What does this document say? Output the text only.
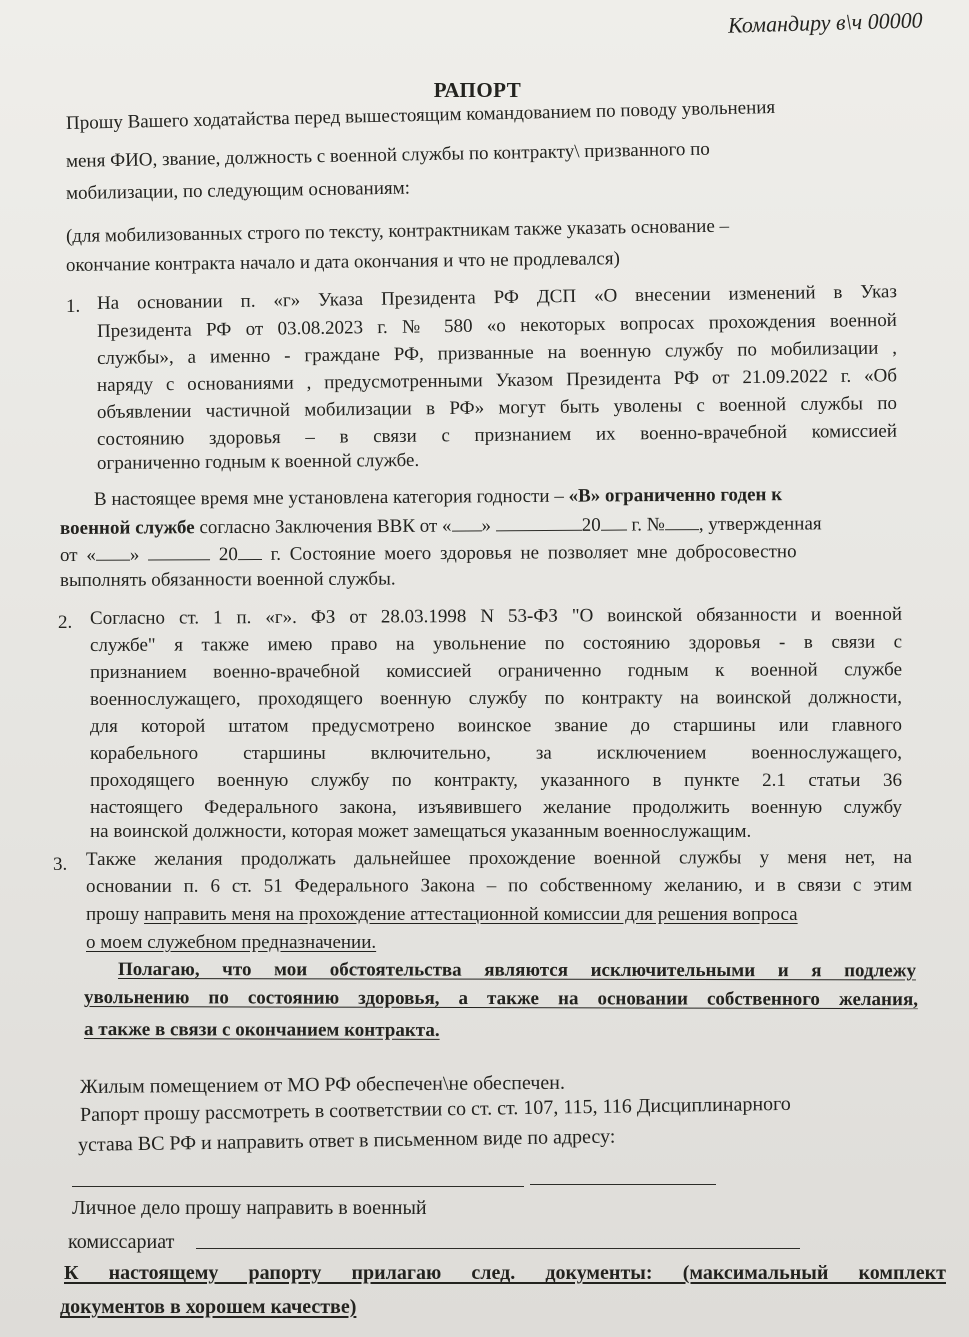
Командиру в\ч 00000
РАПОРТ
Прошу Вашего ходатайства перед вышестоящим командованием по поводу увольнения
меня ФИО, звание, должность с военной службы по контракту\ призванного по
мобилизации, по следующим основаниям:
(для мобилизованных строго по тексту, контрактникам также указать основание –
окончание контракта начало и дата окончания и что не продлевался)
1. На основании п. «г» Указа Президента РФ ДСП «О внесении изменений в Указ
Президента РФ от 03.08.2023 г. № 580 «о некоторых вопросах прохождения военной
службы», а именно - граждане РФ, призванные на военную службу по мобилизации ,
наряду с основаниями , предусмотренными Указом Президента РФ от 21.09.2022 г. «Об
объявлении частичной мобилизации в РФ» могут быть уволены с военной службы по
состоянию здоровья – в связи с признанием их военно-врачебной комиссией
ограниченно годным к военной службе.
В настоящее время мне установлена категория годности – «В» ограниченно годен к
военной службе согласно Заключения ВВК от « »	20 г. № , утвержденная
от « »	20 г. Состояние моего здоровья не позволяет мне добросовестно
выполнять обязанности военной службы.
2. Согласно ст. 1 п. «г». ФЗ от 28.03.1998 N 53-ФЗ "О воинской обязанности и военной
службе" я также имею право на увольнение по состоянию здоровья - в связи с
признанием военно-врачебной комиссией ограниченно годным к военной службе
военнослужащего, проходящего военную службу по контракту на воинской должности,
для которой штатом предусмотрено воинское звание до старшины или главного
корабельного старшины включительно, за исключением военнослужащего,
проходящего военную службу по контракту, указанного в пункте 2.1 статьи 36
настоящего Федерального закона, изъявившего желание продолжить военную службу
на воинской должности, которая может замещаться указанным военнослужащим.
3. Также желания продолжать дальнейшее прохождение военной службы у меня нет, на
основании п. 6 ст. 51 Федерального Закона – по собственному желанию, и в связи с этим
прошу направить меня на прохождение аттестационной комиссии для решения вопроса
о моем служебном предназначении.
Полагаю, что мои обстоятельства являются исключительными и я подлежу
увольнению по состоянию здоровья, а также на основании собственного желания,
а также в связи с окончанием контракта.
Жилым помещением от МО РФ обеспечен\не обеспечен.
Рапорт прошу рассмотреть в соответствии со ст. ст. 107, 115, 116 Дисциплинарного
устава ВС РФ и направить ответ в письменном виде по адресу:
Личное дело прошу направить в военный
комиссариат
К настоящему рапорту прилагаю след. документы: (максимальный комплект
документов в хорошем качестве)
